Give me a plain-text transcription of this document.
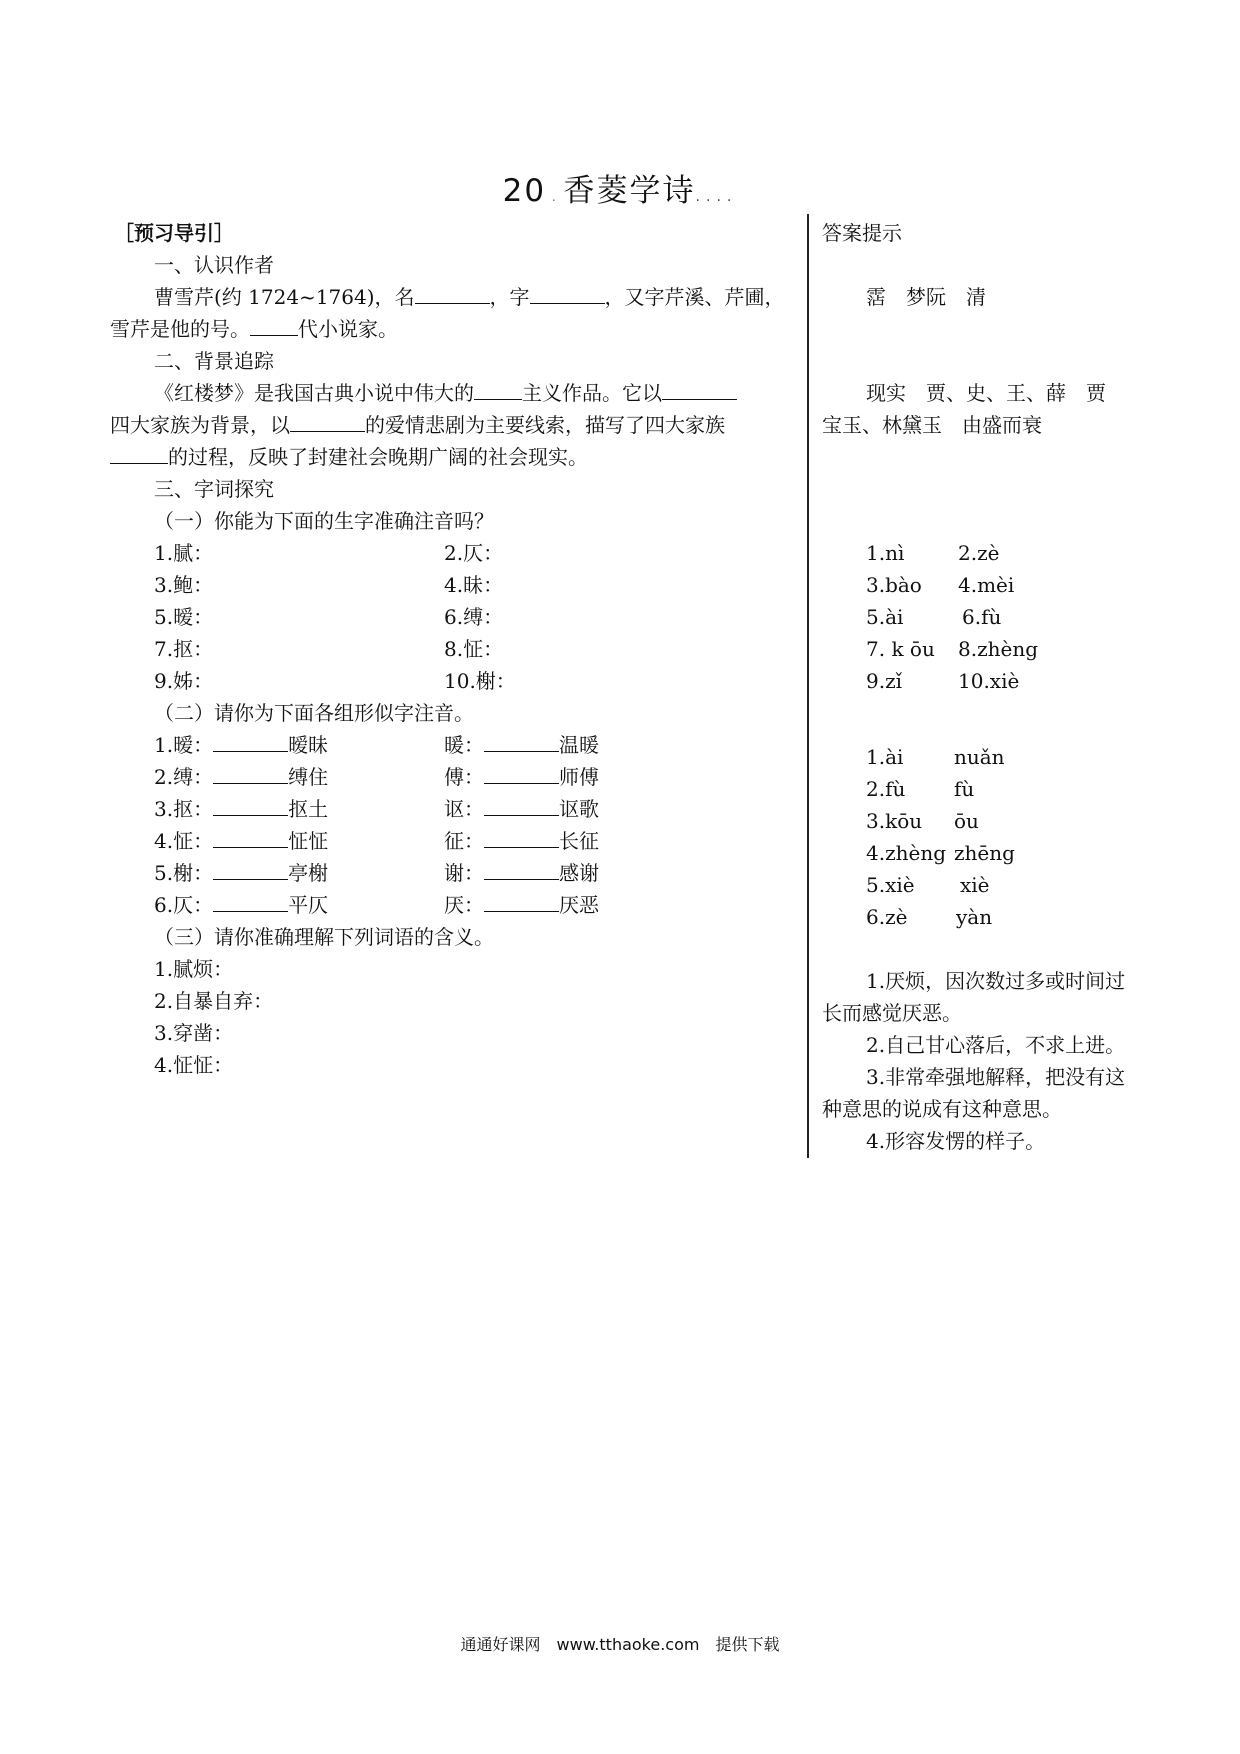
20 . 香菱学诗....
［预习导引］
一、认识作者
曹雪芹(约 1724~1764)，名	，字	，又字芹溪、芹圃，
雪芹是他的号。 代小说家。
二、背景追踪
《红楼梦》是我国古典小说中伟大的 主义作品。它以
四大家族为背景，以	的爱情悲剧为主要线索，描写了四大家族
的过程，反映了封建社会晚期广阔的社会现实。
三、字词探究
（一）你能为下面的生字准确注音吗？
1.腻：	2.仄：
3.鲍：	4.昧：
5.暧：	6.缚：
7.抠：	8.怔：
9.姊：	10.榭：
（二）请你为下面各组形似字注音。
1.暧：	暧昧	暖：	温暖
2.缚：	缚住	傅：	师傅
3.抠：	抠土	讴：	讴歌
4.怔：	怔怔	征：	长征
5.榭：	亭榭	谢：	感谢
6.仄：	平仄	厌：	厌恶
（三）请你准确理解下列词语的含义。
1.腻烦：
2.自暴自弃：
3.穿凿：
4.怔怔：
答案提示
霑　梦阮　清
现实　贾、史、王、薛　贾
宝玉、林黛玉　由盛而衰
1.nì	2.zè
3.bào 4.mèi
5.ài	6.fù
7. k ōu 8.zhèng
9.zǐ	10.xiè
1.ài	nuǎn
2.fù fù
3.kōu ōu
4.zhèng zhēng
5.xiè xiè
6.zè yàn
1.厌烦，因次数过多或时间过
长而感觉厌恶。
2.自己甘心落后，不求上进。
3.非常牵强地解释，把没有这
种意思的说成有这种意思。
4.形容发愣的样子。
通通好课网　www.tthaoke.com　提供下载
